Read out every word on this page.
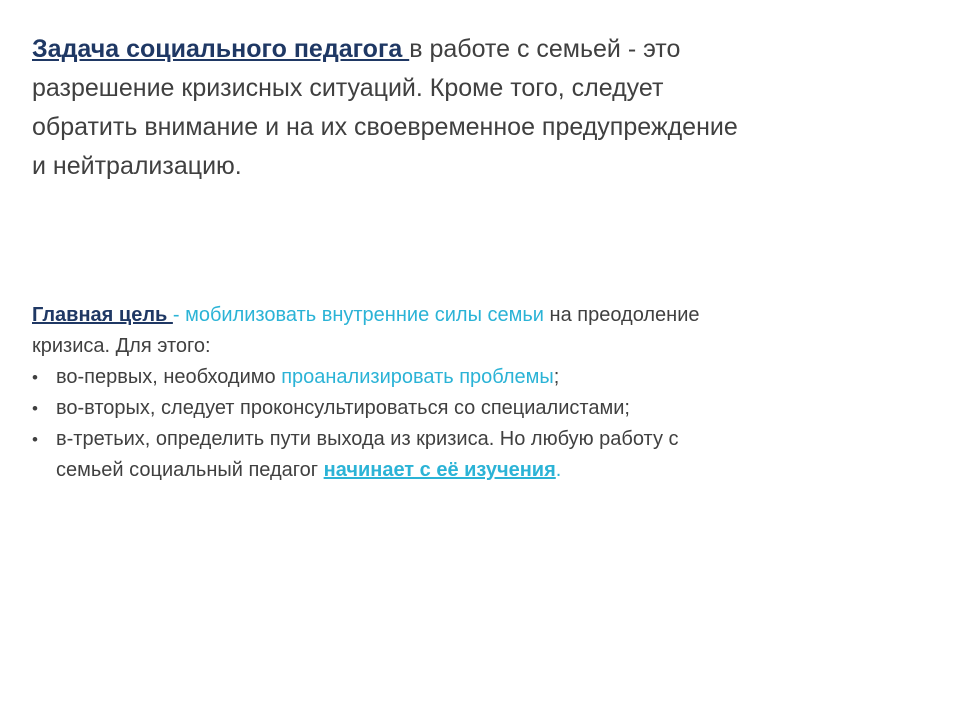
Задача социального педагога в работе с семьей - это
разрешение кризисных ситуаций. Кроме того, следует
обратить внимание и на их своевременное предупреждение
и нейтрализацию.

Главная цель - мобилизовать внутренние силы семьи на преодоление
кризиса. Для этого:
• во-первых, необходимо проанализировать проблемы;
• во-вторых, следует проконсультироваться со специалистами;
• в-третьих, определить пути выхода из кризиса. Но любую работу с
семьей социальный педагог начинает с её изучения.
